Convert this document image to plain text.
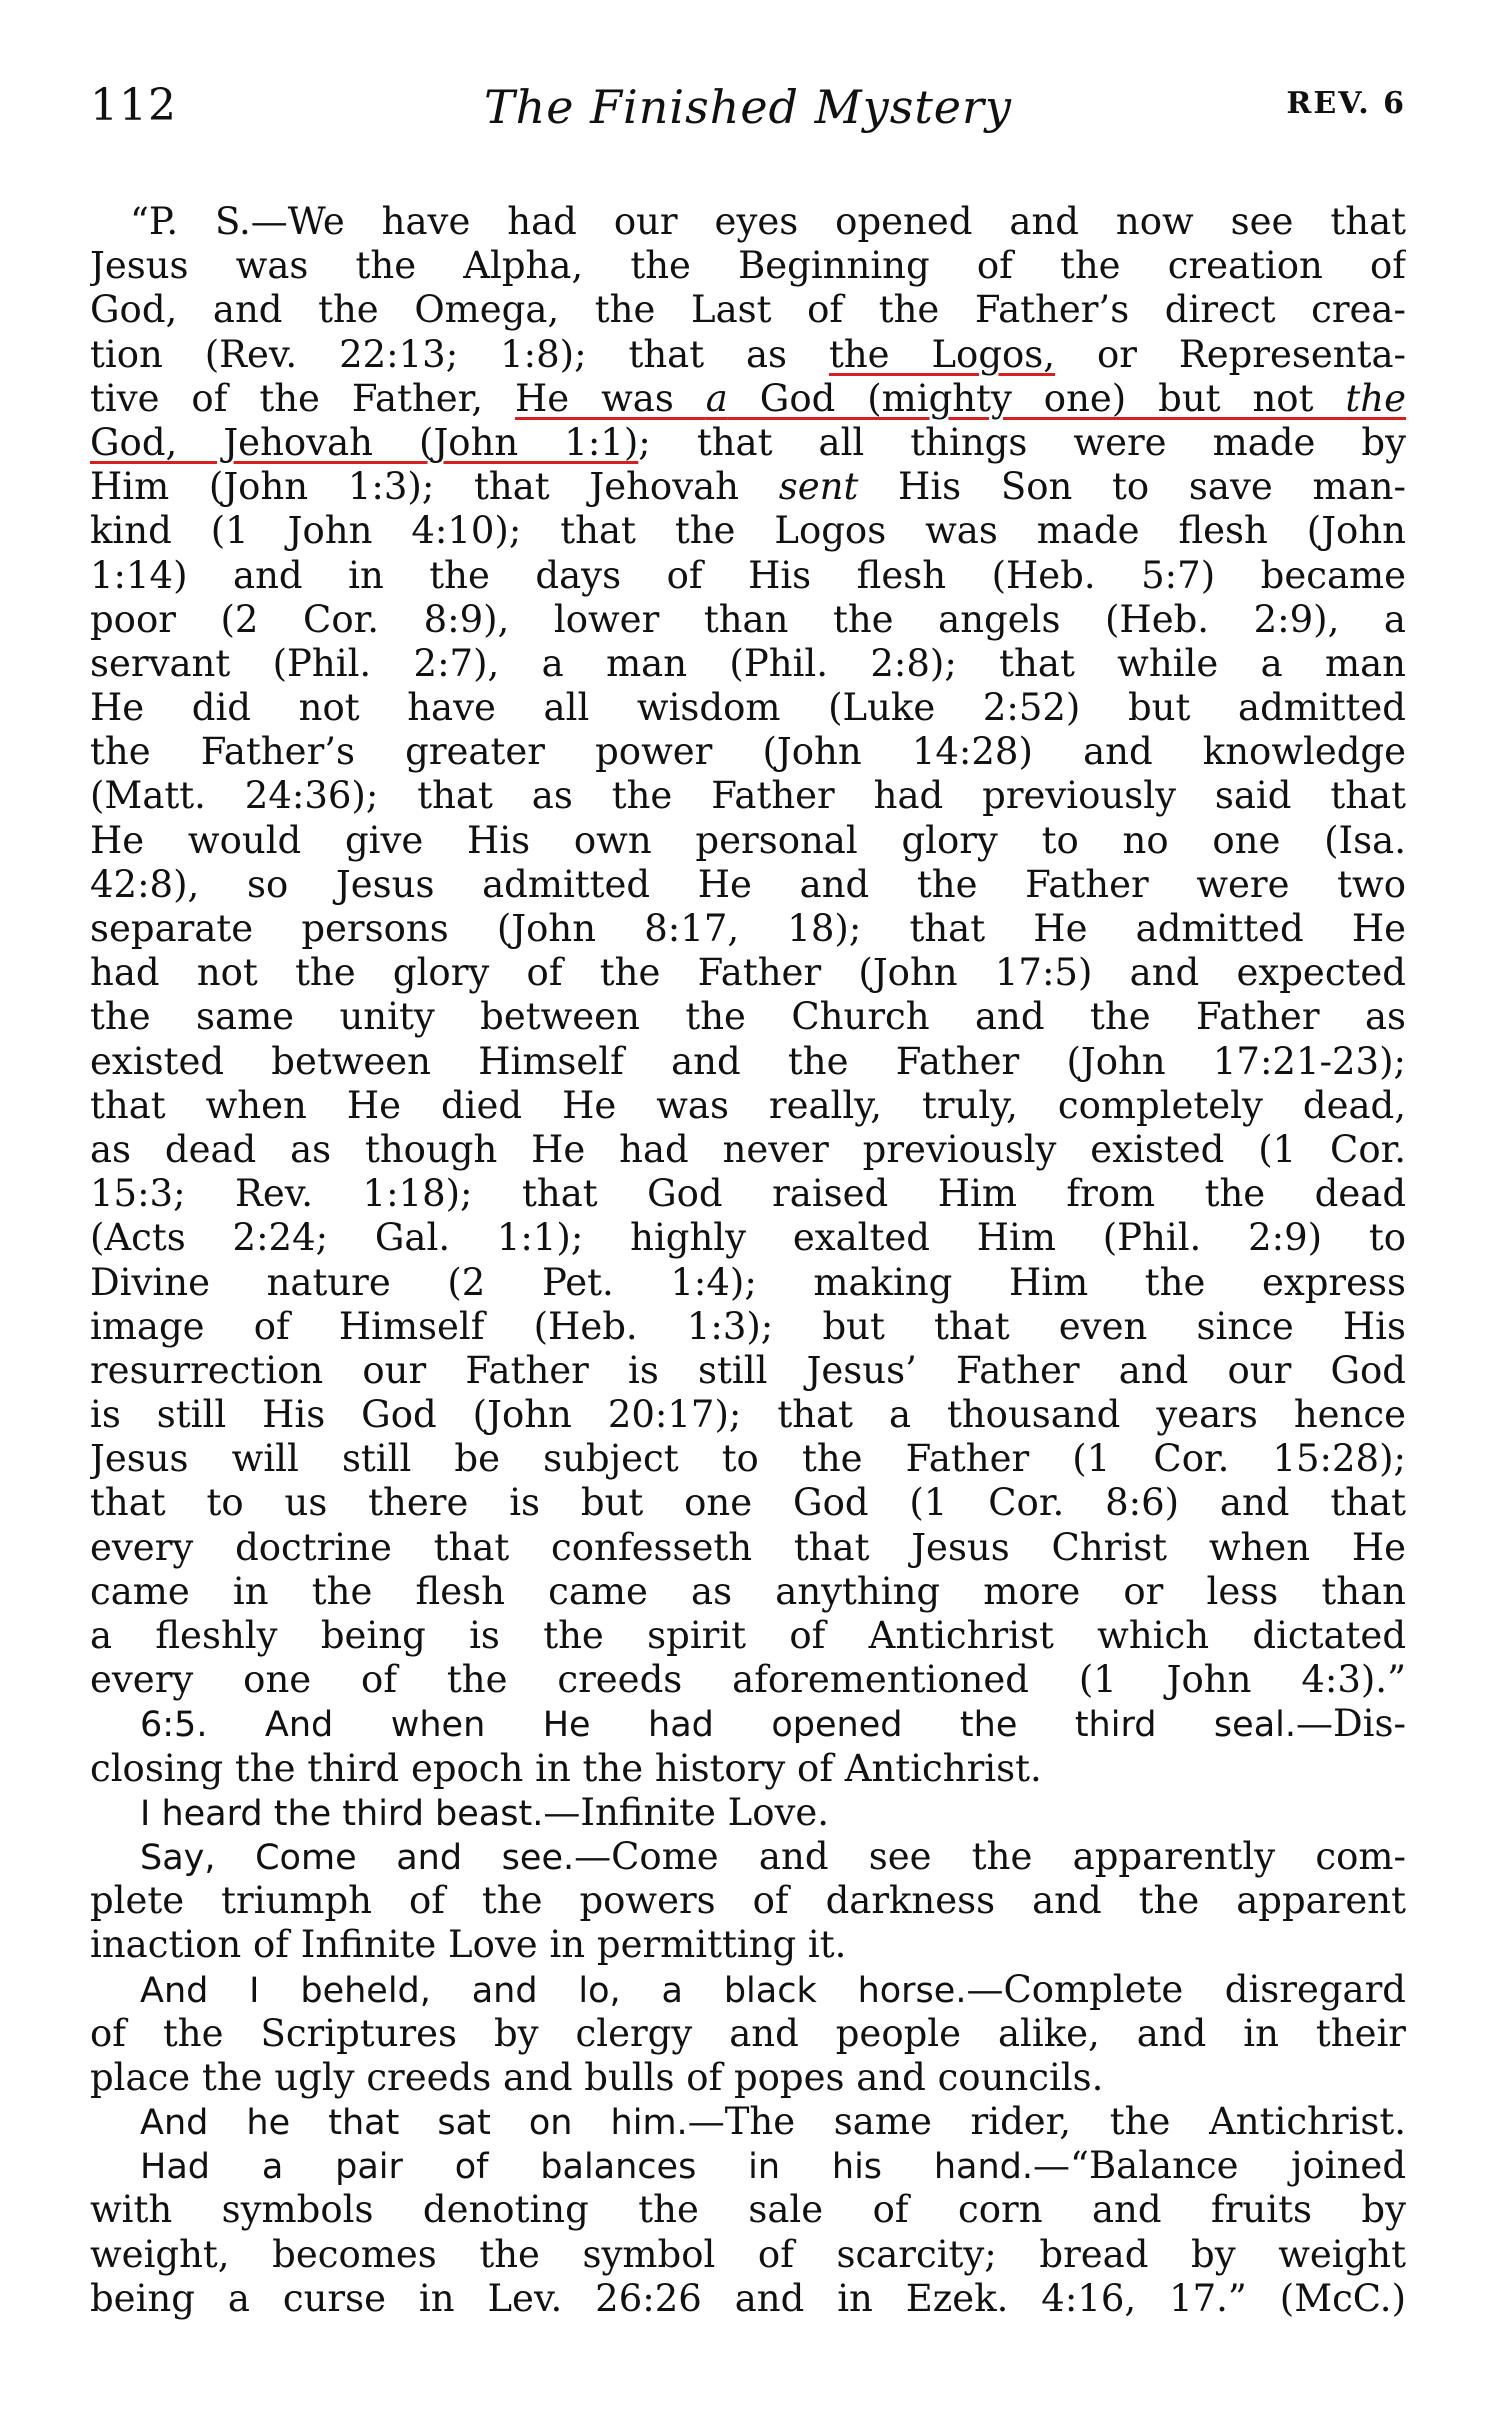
112	The Finished Mystery	REV. 6
“P. S.—We have had our eyes opened and now see that
Jesus was the Alpha, the Beginning of the creation of
God, and the Omega, the Last of the Father’s direct crea-
tion (Rev. 22:13; 1:8); that as the Logos, or Representa-
tive of the Father, He was a God (mighty one) but not the
God, Jehovah (John 1:1); that all things were made by
Him (John 1:3); that Jehovah sent His Son to save man-
kind (1 John 4:10); that the Logos was made flesh (John
1:14) and in the days of His flesh (Heb. 5:7) became
poor (2 Cor. 8:9), lower than the angels (Heb. 2:9), a
servant (Phil. 2:7), a man (Phil. 2:8); that while a man
He did not have all wisdom (Luke 2:52) but admitted
the Father’s greater power (John 14:28) and knowledge
(Matt. 24:36); that as the Father had previously said that
He would give His own personal glory to no one (Isa.
42:8), so Jesus admitted He and the Father were two
separate persons (John 8:17, 18); that He admitted He
had not the glory of the Father (John 17:5) and expected
the same unity between the Church and the Father as
existed between Himself and the Father (John 17:21-23);
that when He died He was really, truly, completely dead,
as dead as though He had never previously existed (1 Cor.
15:3; Rev. 1:18); that God raised Him from the dead
(Acts 2:24; Gal. 1:1); highly exalted Him (Phil. 2:9) to
Divine nature (2 Pet. 1:4); making Him the express
image of Himself (Heb. 1:3); but that even since His
resurrection our Father is still Jesus’ Father and our God
is still His God (John 20:17); that a thousand years hence
Jesus will still be subject to the Father (1 Cor. 15:28);
that to us there is but one God (1 Cor. 8:6) and that
every doctrine that confesseth that Jesus Christ when He
came in the flesh came as anything more or less than
a fleshly being is the spirit of Antichrist which dictated
every one of the creeds aforementioned (1 John 4:3).”
6:5. And when He had opened the third seal.—Dis-
closing the third epoch in the history of Antichrist.
I heard the third beast.—Infinite Love.
Say, Come and see.—Come and see the apparently com-
plete triumph of the powers of darkness and the apparent
inaction of Infinite Love in permitting it.
And I beheld, and lo, a black horse.—Complete disregard
of the Scriptures by clergy and people alike, and in their
place the ugly creeds and bulls of popes and councils.
And he that sat on him.—The same rider, the Antichrist.
Had a pair of balances in his hand.—“Balance joined
with symbols denoting the sale of corn and fruits by
weight, becomes the symbol of scarcity; bread by weight
being a curse in Lev. 26:26 and in Ezek. 4:16, 17.” (McC.)
